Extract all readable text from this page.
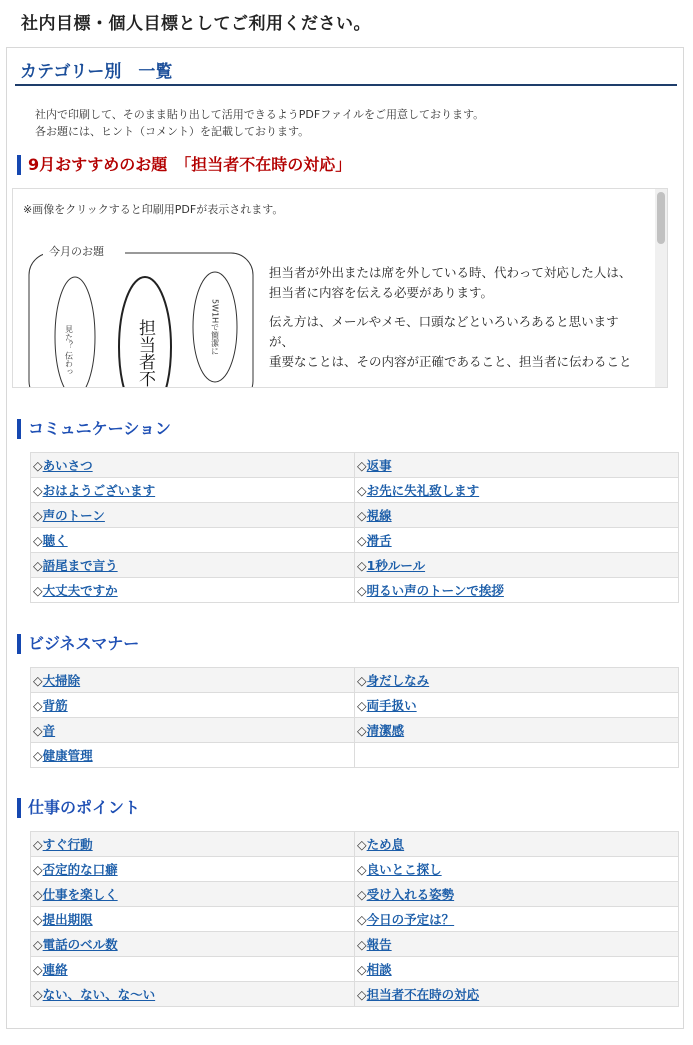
社内目標・個人目標としてご利用ください。
カテゴリー別　一覧
社内で印刷して、そのまま貼り出して活用できるようPDFファイルをご用意しております。
各お題には、ヒント（コメント）を記載しております。
9月おすすめのお題　「担当者不在時の対応」
※画像をクリックすると印刷用PDFが表示されます。
今月のお題
見た？ 伝わっ	担当者不	5W1Hで簡潔に

担当者が外出または席を外している時、代わって対応した人は、担当者に内容を伝える必要があります。

伝え方は、メールやメモ、口頭などといろいろあると思いますが、

重要なことは、その内容が正確であること、担当者に伝わること

コミュニケーション
◇あいさつ	◇返事
◇おはようございます	◇お先に失礼致します
◇声のトーン	◇視線
◇聴く	◇滑舌
◇語尾まで言う	◇1秒ルール
◇大丈夫ですか	◇明るい声のトーンで挨拶
ビジネスマナー
◇大掃除	◇身だしなみ
◇背筋	◇両手扱い
◇音	◇清潔感
◇健康管理	
仕事のポイント
◇すぐ行動	◇ため息
◇否定的な口癖	◇良いとこ探し
◇仕事を楽しく	◇受け入れる姿勢
◇提出期限	◇今日の予定は？
◇電話のベル数	◇報告
◇連絡	◇相談
◇ない、ない、な〜い	◇担当者不在時の対応
